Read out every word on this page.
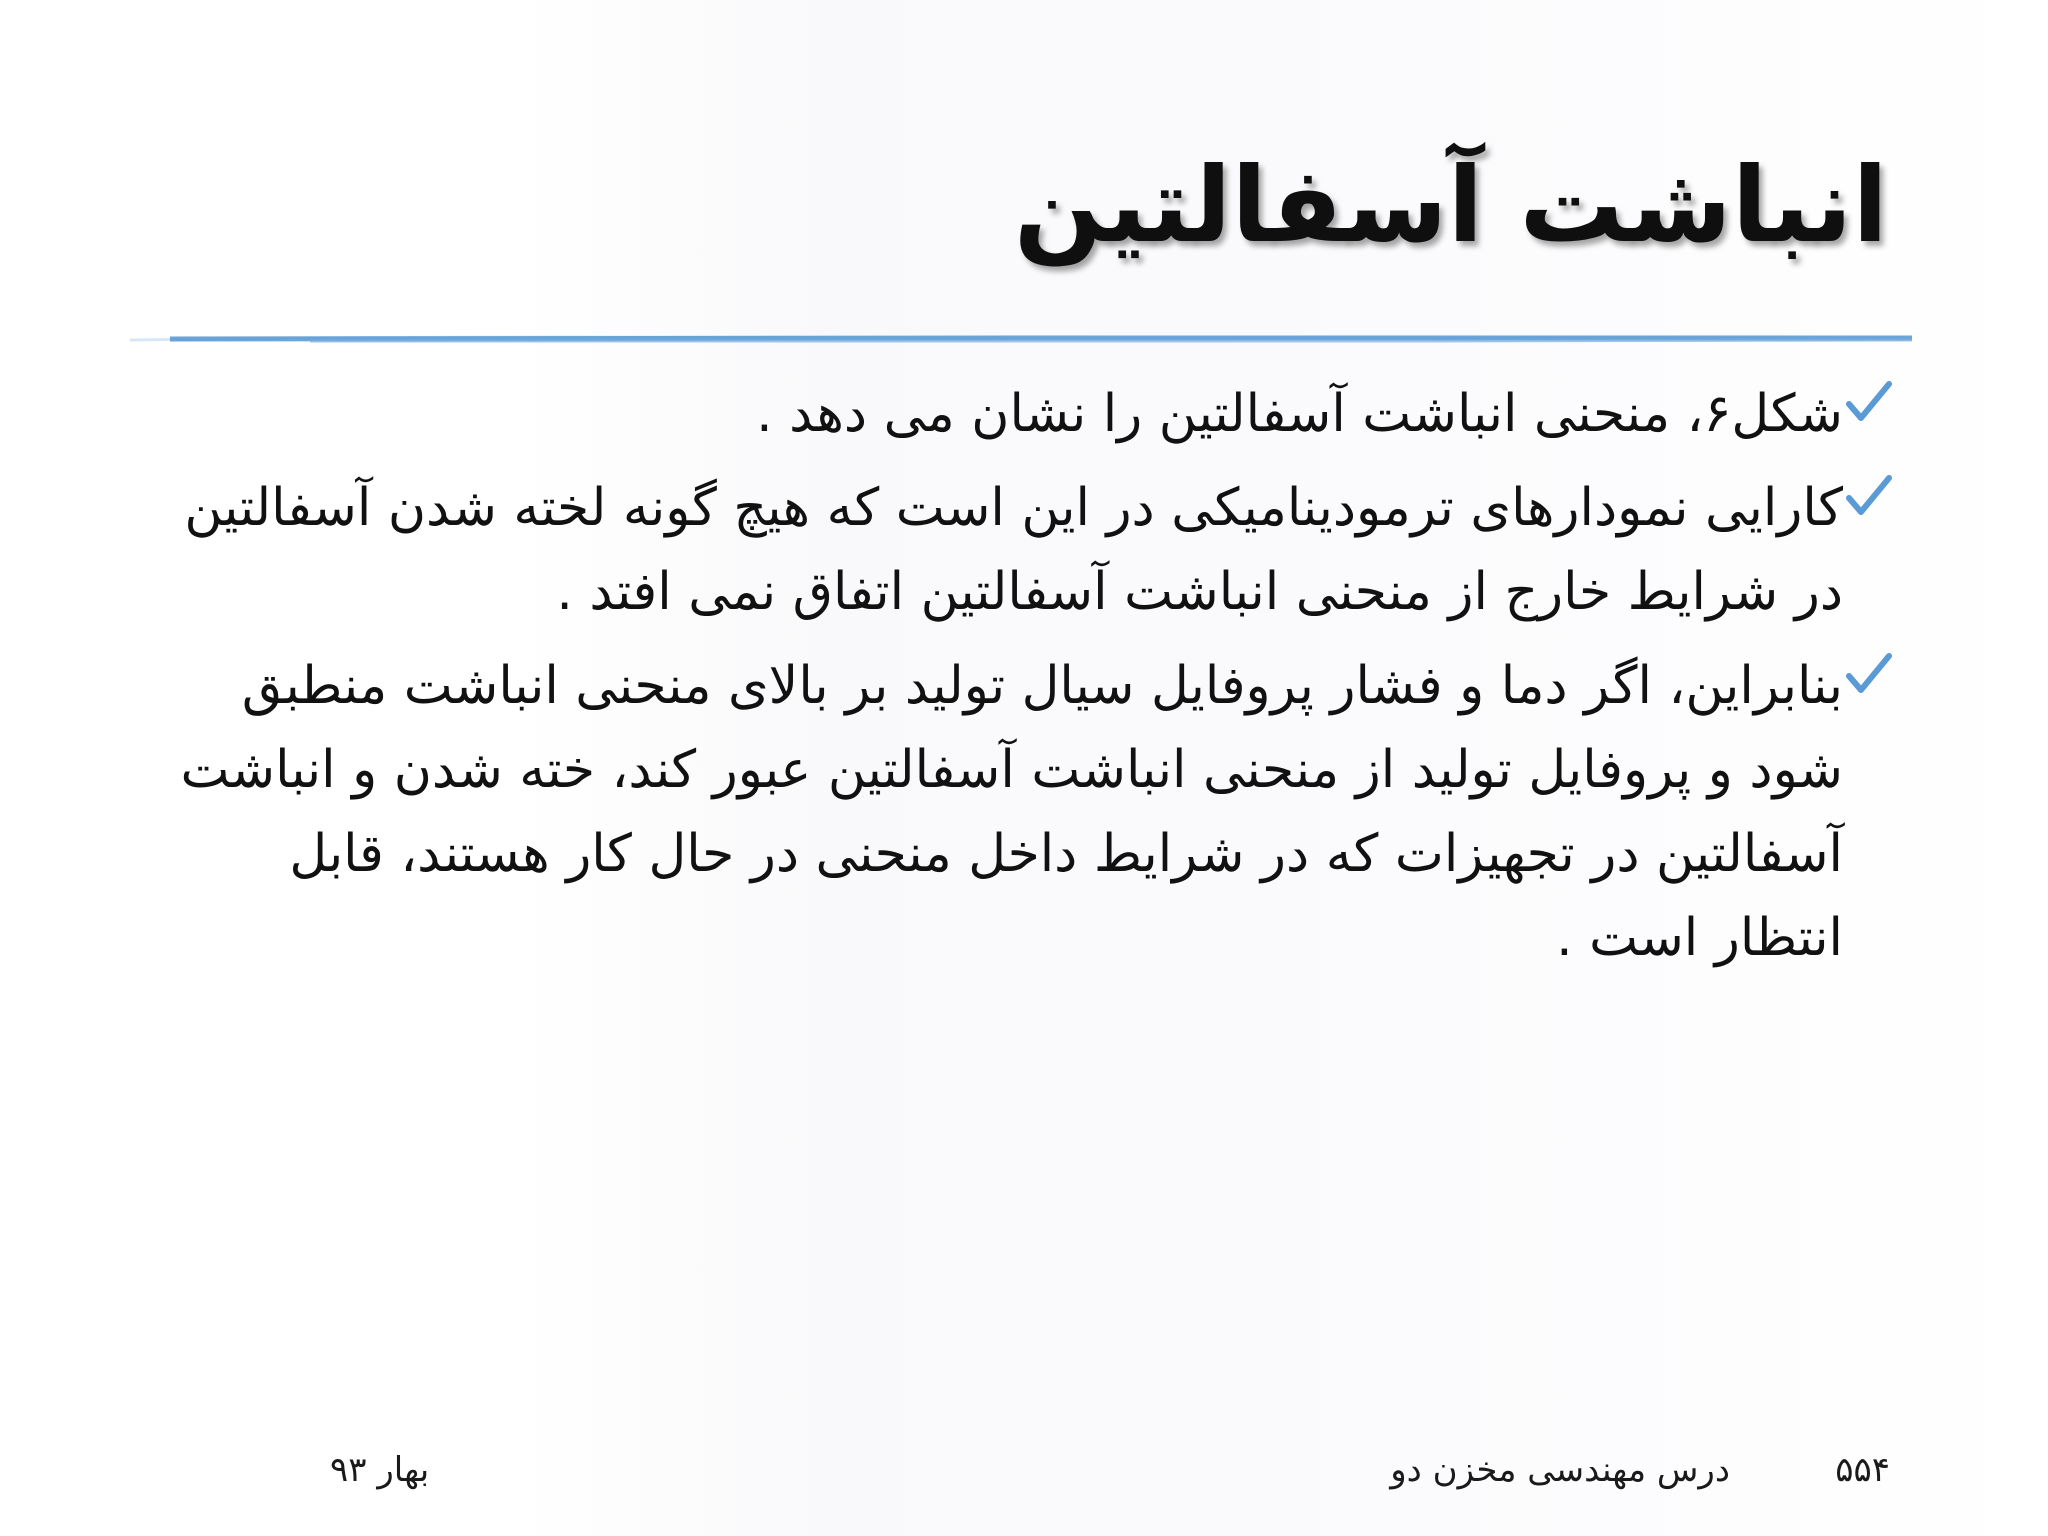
انباشت آسفالتین
شکل۶، منحنی انباشت آسفالتین را نشان می دهد .
کارایی نمودارهای ترمودینامیکی در این است که هیچ گونه لخته شدن آسفالتین در شرایط خارج از منحنی انباشت آسفالتین اتفاق نمی افتد .
بنابراین، اگر دما و فشار پروفایل سیال تولید بر بالای منحنی انباشت منطبق شود و پروفایل تولید از منحنی انباشت آسفالتین عبور کند، خته شدن و انباشت آسفالتین در تجهیزات که در شرایط داخل منحنی در حال کار هستند، قابل انتظار است .
۵۵۴
درس مهندسی مخزن دو
بهار ۹۳
